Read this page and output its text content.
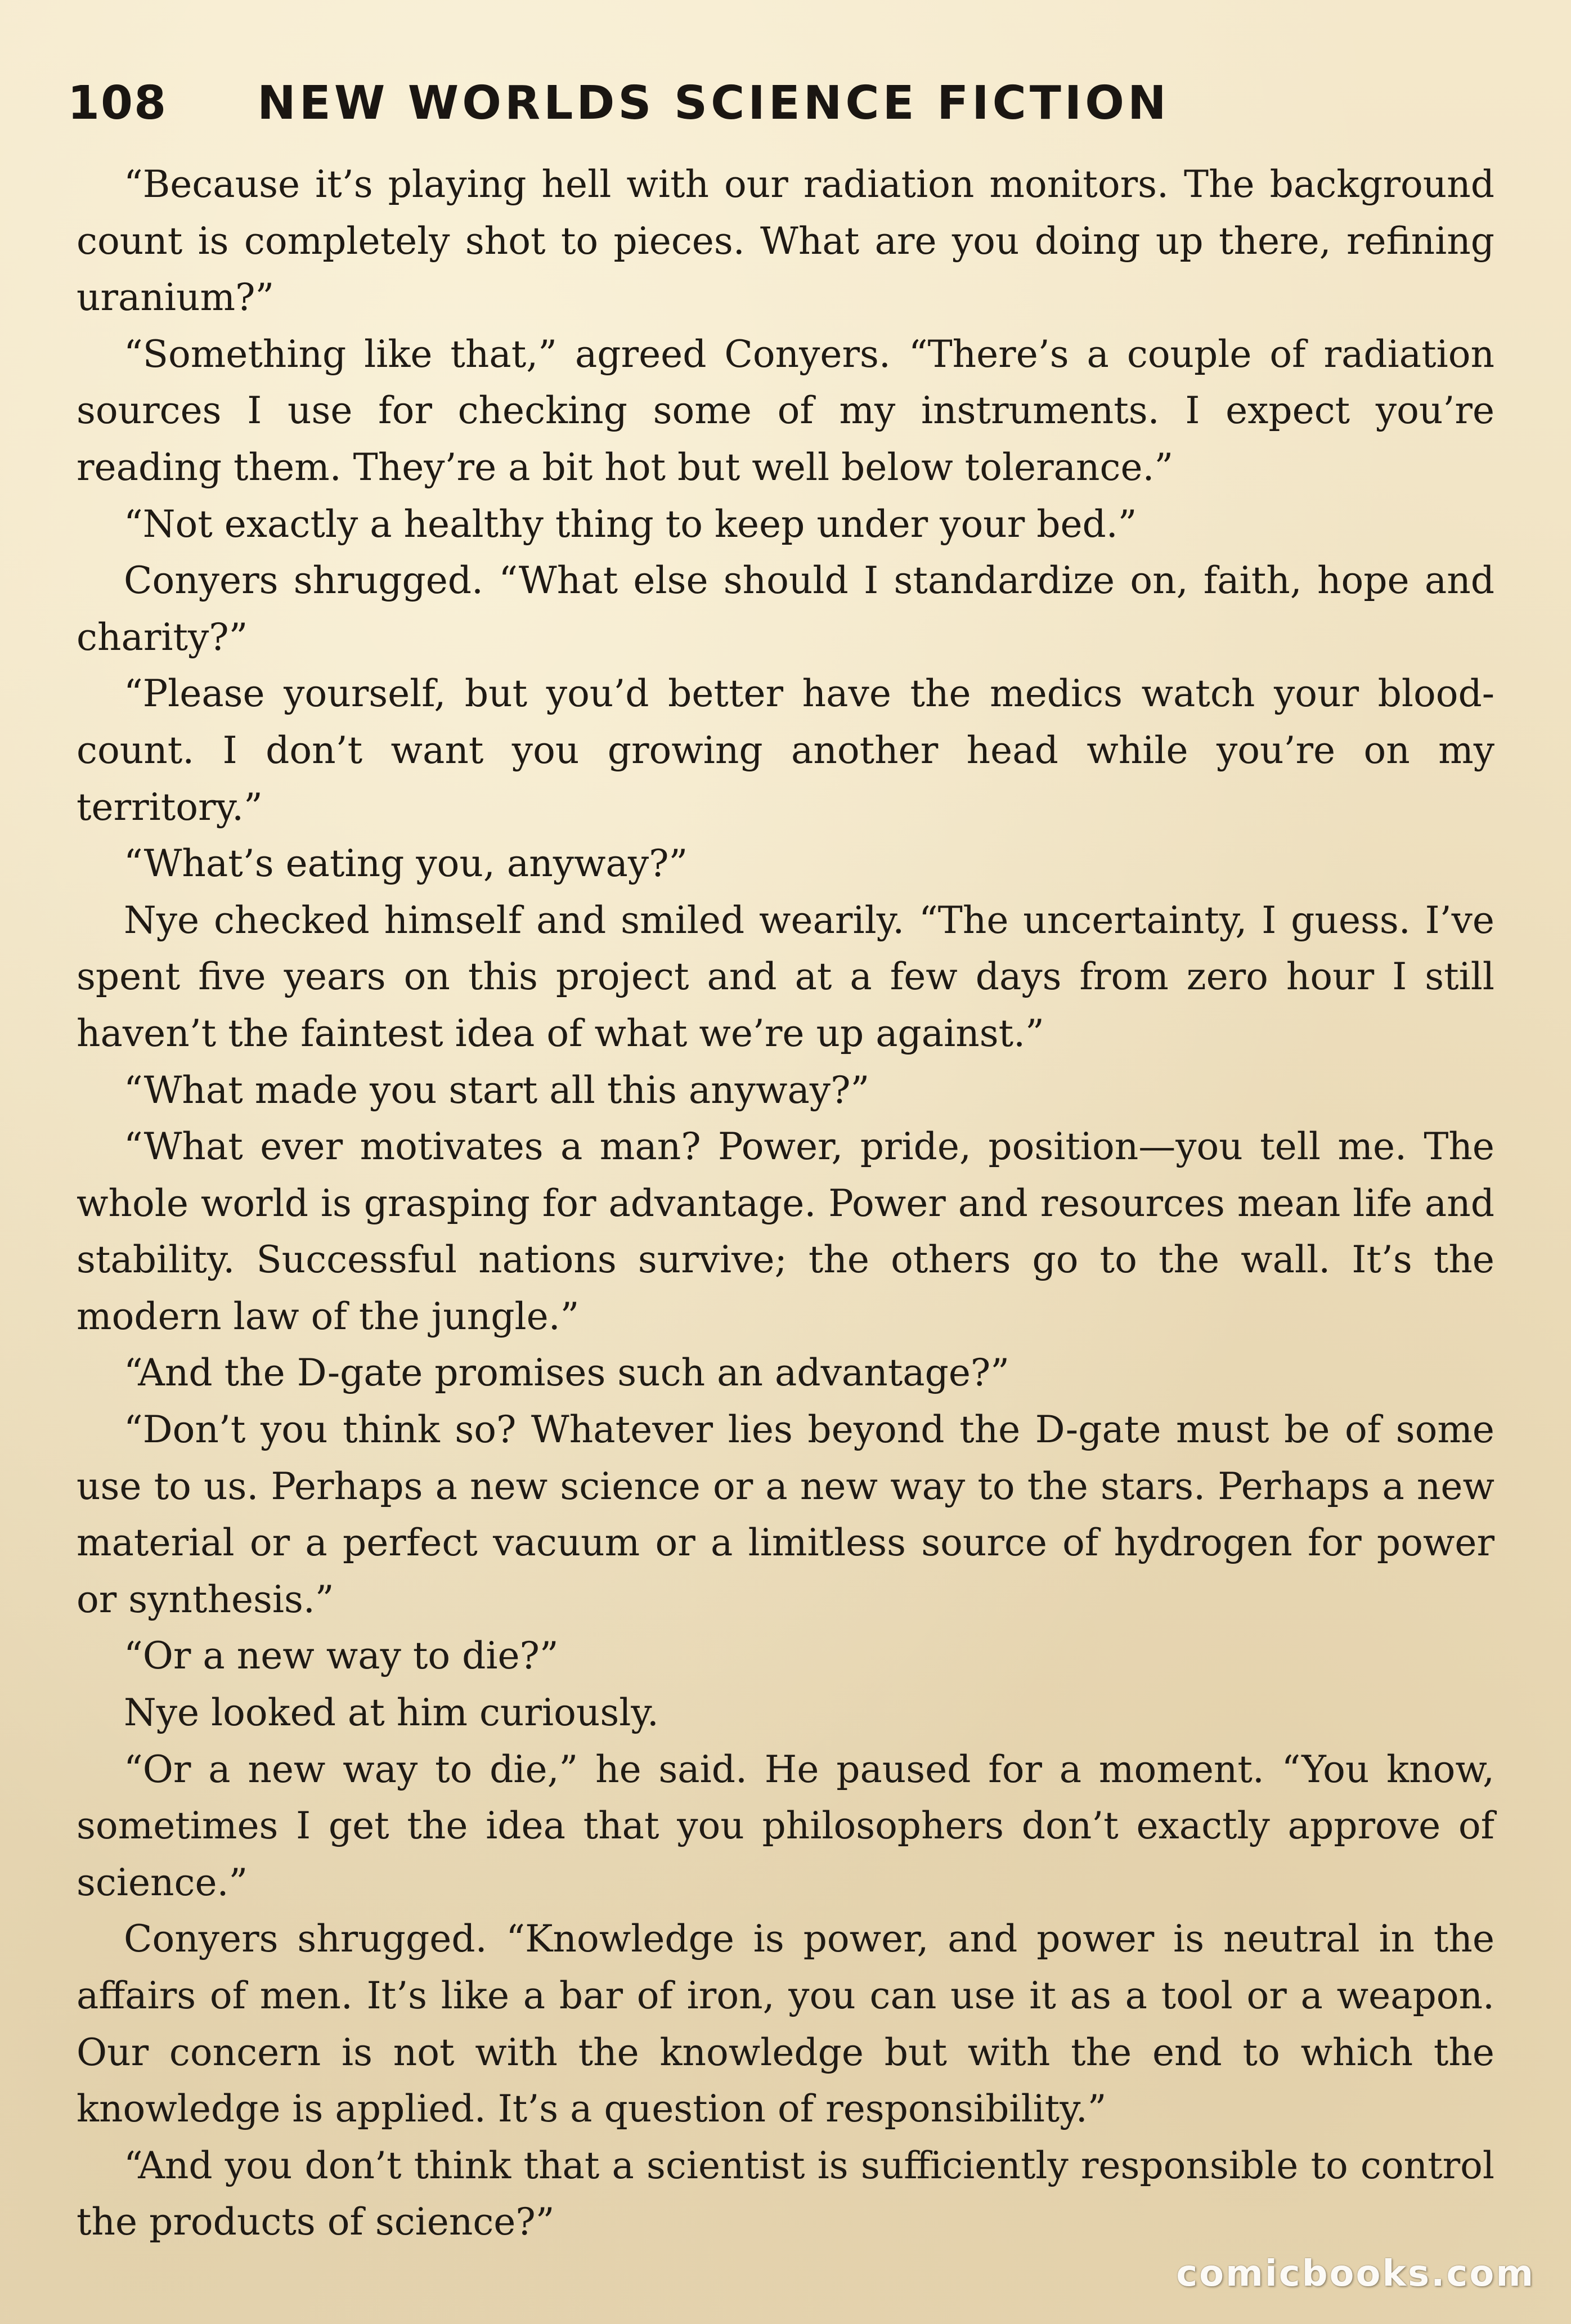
108 NEW WORLDS SCIENCE FICTION

“Because it’s playing hell with our radiation monitors. The background count is completely shot to pieces. What are you doing up there, refining uranium?”

“Something like that,” agreed Conyers. “There’s a couple of radiation sources I use for checking some of my instruments. I expect you’re reading them. They’re a bit hot but well below tolerance.”

“Not exactly a healthy thing to keep under your bed.”

Conyers shrugged. “What else should I standardize on, faith, hope and charity?”

“Please yourself, but you’d better have the medics watch your blood-count. I don’t want you growing another head while you’re on my territory.”

“What’s eating you, anyway?”

Nye checked himself and smiled wearily. “The uncertainty, I guess. I’ve spent five years on this project and at a few days from zero hour I still haven’t the faintest idea of what we’re up against.”

“What made you start all this anyway?”

“What ever motivates a man? Power, pride, position—you tell me. The whole world is grasping for advantage. Power and resources mean life and stability. Successful nations survive; the others go to the wall. It’s the modern law of the jungle.”

“And the D-gate promises such an advantage?”

“Don’t you think so? Whatever lies beyond the D-gate must be of some use to us. Perhaps a new science or a new way to the stars. Perhaps a new material or a perfect vacuum or a limitless source of hydrogen for power or synthesis.”

“Or a new way to die?”

Nye looked at him curiously.

“Or a new way to die,” he said. He paused for a moment. “You know, sometimes I get the idea that you philosophers don’t exactly approve of science.”

Conyers shrugged. “Knowledge is power, and power is neutral in the affairs of men. It’s like a bar of iron, you can use it as a tool or a weapon. Our concern is not with the knowledge but with the end to which the knowledge is applied. It’s a question of responsibility.”

“And you don’t think that a scientist is sufficiently responsible to control the products of science?”

comicbooks.com
